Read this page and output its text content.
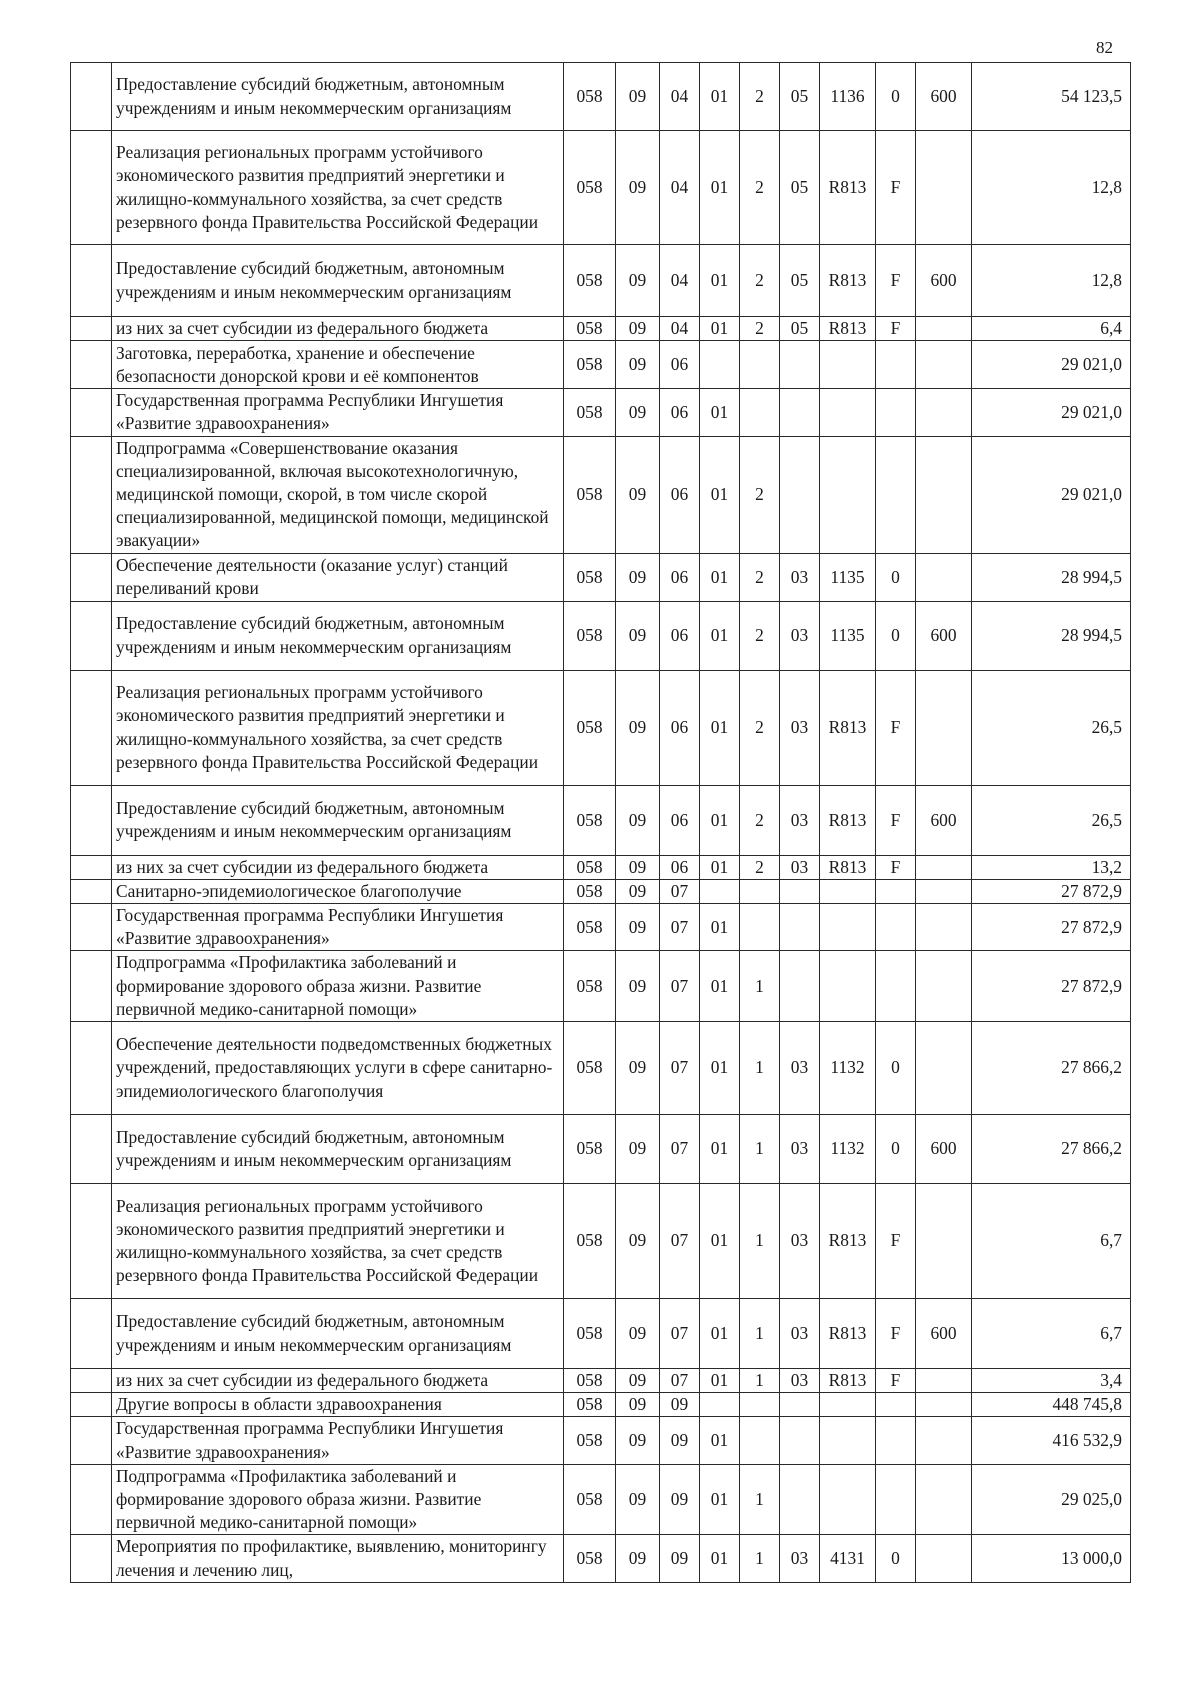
82
	Предоставление субсидий бюджетным, автономным учреждениям и иным некоммерческим организациям	058	09	04	01	2	05	1136	0	600	54 123,5
	Реализация региональных программ устойчивого экономического развития предприятий энергетики и жилищно-коммунального хозяйства, за счет средств резервного фонда Правительства Российской Федерации	058	09	04	01	2	05	R813	F		12,8
	Предоставление субсидий бюджетным, автономным учреждениям и иным некоммерческим организациям	058	09	04	01	2	05	R813	F	600	12,8
	из них за счет субсидии из федерального бюджета	058	09	04	01	2	05	R813	F		6,4
	Заготовка, переработка, хранение и обеспечение безопасности донорской крови и её компонентов	058	09	06							29 021,0
	Государственная программа Республики Ингушетия «Развитие здравоохранения»	058	09	06	01						29 021,0
	Подпрограмма «Совершенствование оказания специализированной, включая высокотехнологичную, медицинской помощи, скорой, в том числе скорой специализированной, медицинской помощи, медицинской эвакуации»	058	09	06	01	2					29 021,0
	Обеспечение деятельности (оказание услуг) станций переливаний крови	058	09	06	01	2	03	1135	0		28 994,5
	Предоставление субсидий бюджетным, автономным учреждениям и иным некоммерческим организациям	058	09	06	01	2	03	1135	0	600	28 994,5
	Реализация региональных программ устойчивого экономического развития предприятий энергетики и жилищно-коммунального хозяйства, за счет средств резервного фонда Правительства Российской Федерации	058	09	06	01	2	03	R813	F		26,5
	Предоставление субсидий бюджетным, автономным учреждениям и иным некоммерческим организациям	058	09	06	01	2	03	R813	F	600	26,5
	из них за счет субсидии из федерального бюджета	058	09	06	01	2	03	R813	F		13,2
	Санитарно-эпидемиологическое благополучие	058	09	07							27 872,9
	Государственная программа Республики Ингушетия «Развитие здравоохранения»	058	09	07	01						27 872,9
	Подпрограмма «Профилактика заболеваний и формирование здорового образа жизни. Развитие первичной медико-санитарной помощи»	058	09	07	01	1					27 872,9
	Обеспечение деятельности подведомственных бюджетных учреждений, предоставляющих услуги в сфере санитарно-эпидемиологического благополучия	058	09	07	01	1	03	1132	0		27 866,2
	Предоставление субсидий бюджетным, автономным учреждениям и иным некоммерческим организациям	058	09	07	01	1	03	1132	0	600	27 866,2
	Реализация региональных программ устойчивого экономического развития предприятий энергетики и жилищно-коммунального хозяйства, за счет средств резервного фонда Правительства Российской Федерации	058	09	07	01	1	03	R813	F		6,7
	Предоставление субсидий бюджетным, автономным учреждениям и иным некоммерческим организациям	058	09	07	01	1	03	R813	F	600	6,7
	из них за счет субсидии из федерального бюджета	058	09	07	01	1	03	R813	F		3,4
	Другие вопросы в области здравоохранения	058	09	09							448 745,8
	Государственная программа Республики Ингушетия «Развитие здравоохранения»	058	09	09	01						416 532,9
	Подпрограмма «Профилактика заболеваний и формирование здорового образа жизни. Развитие первичной медико-санитарной помощи»	058	09	09	01	1					29 025,0
	Мероприятия по профилактике, выявлению, мониторингу лечения и лечению лиц,	058	09	09	01	1	03	4131	0		13 000,0
